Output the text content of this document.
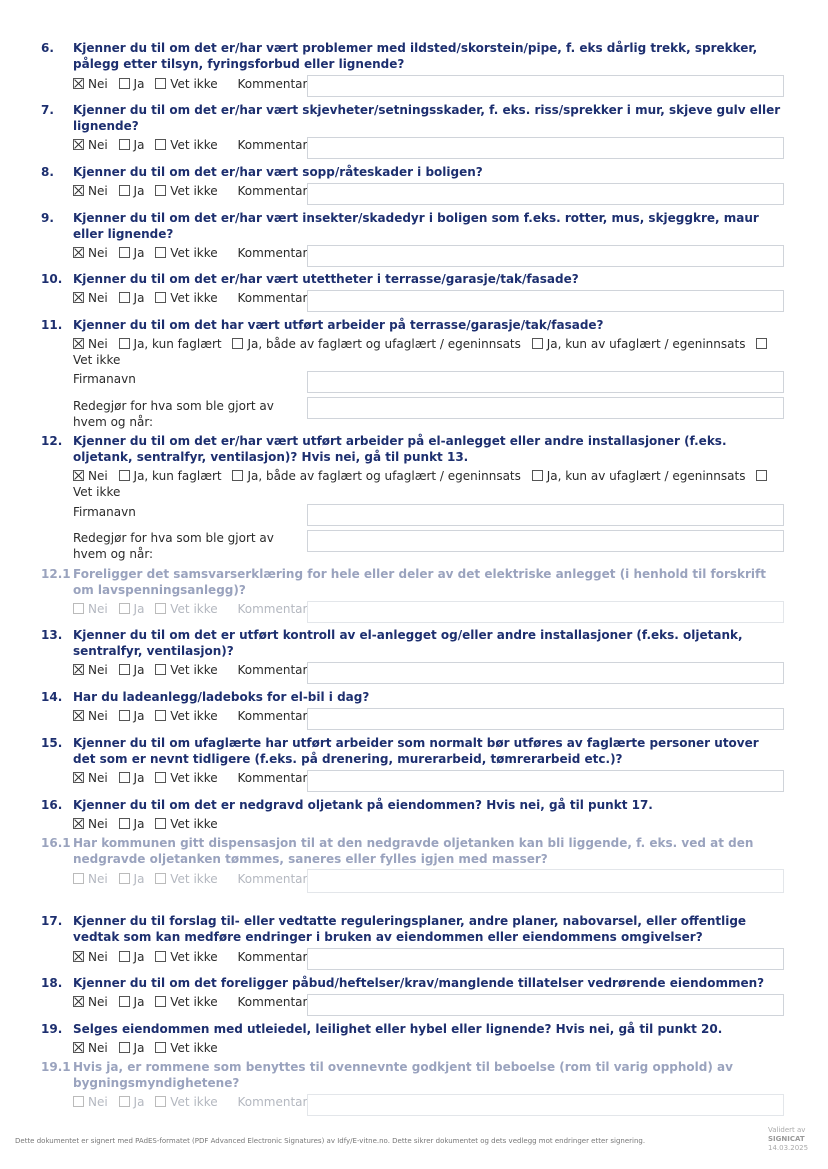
6. Kjenner du til om det er/har vært problemer med ildsted/skorstein/pipe, f. eks dårlig trekk, sprekker, pålegg etter tilsyn, fyringsforbud eller lignende?
Nei Ja Vet ikke Kommentar
7. Kjenner du til om det er/har vært skjevheter/setningsskader, f. eks. riss/sprekker i mur, skjeve gulv eller lignende?
Nei Ja Vet ikke Kommentar
8. Kjenner du til om det er/har vært sopp/råteskader i boligen?
Nei Ja Vet ikke Kommentar
9. Kjenner du til om det er/har vært insekter/skadedyr i boligen som f.eks. rotter, mus, skjeggkre, maur eller lignende?
Nei Ja Vet ikke Kommentar
10. Kjenner du til om det er/har vært utettheter i terrasse/garasje/tak/fasade?
Nei Ja Vet ikke Kommentar
11. Kjenner du til om det har vært utført arbeider på terrasse/garasje/tak/fasade?
Nei Ja, kun faglært Ja, både av faglært og ufaglært / egeninnsats Ja, kun av ufaglært / egeninnsats Vet ikke
Firmanavn
Redegjør for hva som ble gjort av hvem og når:
12. Kjenner du til om det er/har vært utført arbeider på el-anlegget eller andre installasjoner (f.eks. oljetank, sentralfyr, ventilasjon)? Hvis nei, gå til punkt 13.
Nei Ja, kun faglært Ja, både av faglært og ufaglært / egeninnsats Ja, kun av ufaglært / egeninnsats Vet ikke
Firmanavn
Redegjør for hva som ble gjort av hvem og når:
12.1 Foreligger det samsvarserklæring for hele eller deler av det elektriske anlegget (i henhold til forskrift om lavspenningsanlegg)?
Nei Ja Vet ikke Kommentar
13. Kjenner du til om det er utført kontroll av el-anlegget og/eller andre installasjoner (f.eks. oljetank, sentralfyr, ventilasjon)?
Nei Ja Vet ikke Kommentar
14. Har du ladeanlegg/ladeboks for el-bil i dag?
Nei Ja Vet ikke Kommentar
15. Kjenner du til om ufaglærte har utført arbeider som normalt bør utføres av faglærte personer utover det som er nevnt tidligere (f.eks. på drenering, murerarbeid, tømrerarbeid etc.)?
Nei Ja Vet ikke Kommentar
16. Kjenner du til om det er nedgravd oljetank på eiendommen? Hvis nei, gå til punkt 17.
Nei Ja Vet ikke
16.1 Har kommunen gitt dispensasjon til at den nedgravde oljetanken kan bli liggende, f. eks. ved at den nedgravde oljetanken tømmes, saneres eller fylles igjen med masser?
Nei Ja Vet ikke Kommentar
17. Kjenner du til forslag til- eller vedtatte reguleringsplaner, andre planer, nabovarsel, eller offentlige vedtak som kan medføre endringer i bruken av eiendommen eller eiendommens omgivelser?
Nei Ja Vet ikke Kommentar
18. Kjenner du til om det foreligger påbud/heftelser/krav/manglende tillatelser vedrørende eiendommen?
Nei Ja Vet ikke Kommentar
19. Selges eiendommen med utleiedel, leilighet eller hybel eller lignende? Hvis nei, gå til punkt 20.
Nei Ja Vet ikke
19.1 Hvis ja, er rommene som benyttes til ovennevnte godkjent til beboelse (rom til varig opphold) av bygningsmyndighetene?
Nei Ja Vet ikke Kommentar
Dette dokumentet er signert med PAdES-formatet (PDF Advanced Electronic Signatures) av Idfy/E-vitne.no. Dette sikrer dokumentet og dets vedlegg mot endringer etter signering.
Validert av
SIGNICAT
14.03.2025
